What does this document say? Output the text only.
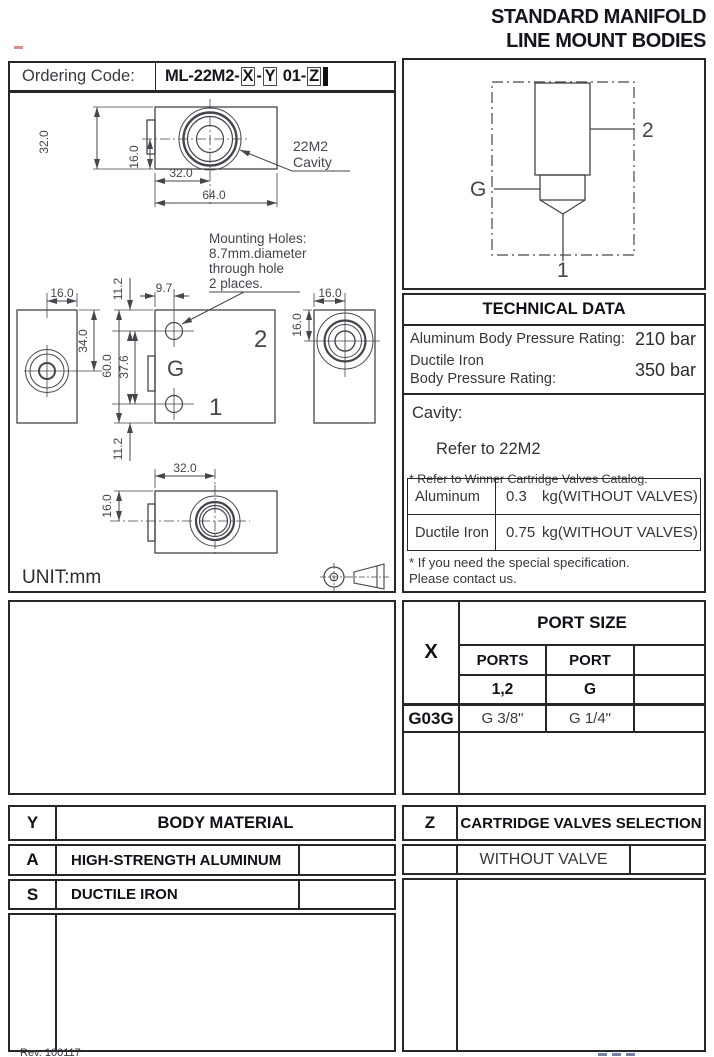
STANDARD MANIFOLD
LINE MOUNT BODIES
Ordering Code:	ML-22M2- X - Y 01- Z
32.0
16.0
32.0
64.0
22M2
Cavity
Mounting Holes:
8.7mm.diameter
through hole
2 places.
9.7
11.2
60.0 37.6
11.2
2
G
1
16.0
34.0
16.0
16.0
32.0
16.0
UNIT:mm
2
G
1
TECHNICAL DATA
Aluminum Body Pressure Rating: 210 bar
Ductile Iron
Body Pressure Rating:	350 bar
Cavity:
Refer to 22M2
* Refer to Winner Cartridge Valves Catalog.
Aluminum	0.3	kg(WITHOUT VALVES)
Ductile Iron	0.75 kg(WITHOUT VALVES)
* If you need the special specification.
Please contact us.
X
PORT SIZE
PORTS	PORT
1,2	G
G03G	G 3/8"	G 1/4"
Y	BODY MATERIAL
A	HIGH-STRENGTH ALUMINUM
S	DUCTILE IRON
Z	CARTRIDGE VALVES SELECTION
WITHOUT VALVE
Rev. 100117
